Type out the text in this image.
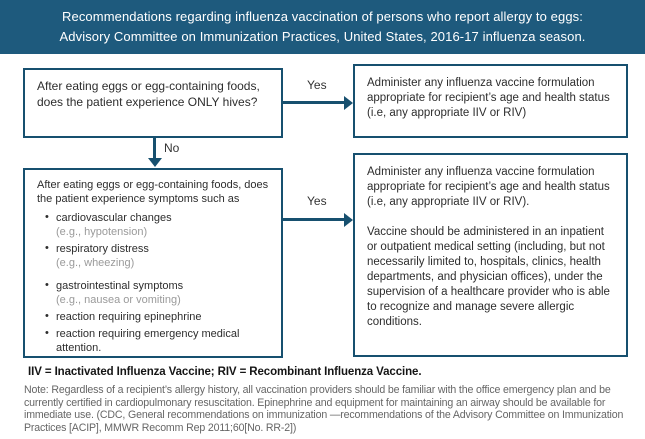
Recommendations regarding influenza vaccination of persons who report allergy to eggs:
Advisory Committee on Immunization Practices, United States, 2016-17 influenza season.

After eating eggs or egg-containing foods, does the patient experience ONLY hives?

Administer any influenza vaccine formulation appropriate for recipient’s age and health status (i.e, any appropriate IIV or RIV)

After eating eggs or egg-containing foods, does the patient experience symptoms such as

• cardiovascular changes
(e.g., hypotension)
• respiratory distress
(e.g., wheezing)
• gastrointestinal symptoms
(e.g., nausea or vomiting)
• reaction requiring epinephrine
• reaction requiring emergency medical attention.

Administer any influenza vaccine formulation appropriate for recipient’s age and health status (i.e, any appropriate IIV or RIV).

Vaccine should be administered in an inpatient or outpatient medical setting (including, but not necessarily limited to, hospitals, clinics, health departments, and physician offices), under the supervision of a healthcare provider who is able to recognize and manage severe allergic conditions.

Yes
No
Yes
IIV = Inactivated Influenza Vaccine; RIV = Recombinant Influenza Vaccine.
Note: Regardless of a recipient’s allergy history, all vaccination providers should be familiar with the office emergency plan and be currently certified in cardiopulmonary resuscitation. Epinephrine and equipment for maintaining an airway should be available for immediate use. (CDC, General recommendations on immunization —recommendations of the Advisory Committee on Immunization Practices [ACIP], MMWR Recomm Rep 2011;60[No. RR-2])
